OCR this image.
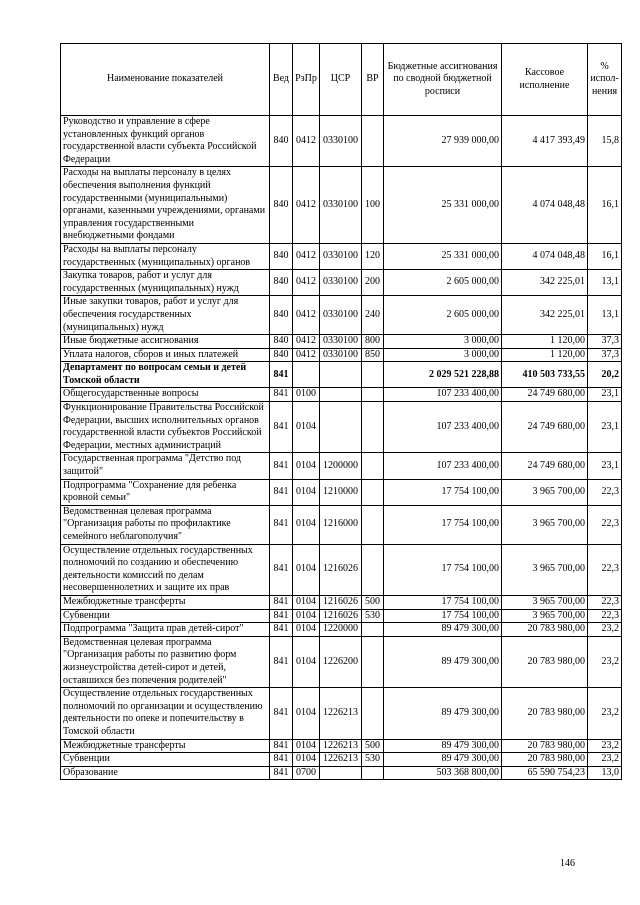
Наименование показателей	Вед	РзПр	ЦСР	ВР	Бюджетные ассигнования по сводной бюджетной росписи	Кассовое исполнение	% испол-нения
Руководство и управление в сфере установленных функций органов государственной власти субъекта Российской Федерации	840	0412	0330100		27 939 000,00	4 417 393,49	15,8
Расходы на выплаты персоналу в целях обеспечения выполнения функций государственными (муниципальными) органами, казенными учреждениями, органами управления государственными внебюджетными фондами	840	0412	0330100	100	25 331 000,00	4 074 048,48	16,1
Расходы на выплаты персоналу государственных (муниципальных) органов	840	0412	0330100	120	25 331 000,00	4 074 048,48	16,1
Закупка товаров, работ и услуг для государственных (муниципальных) нужд	840	0412	0330100	200	2 605 000,00	342 225,01	13,1
Иные закупки товаров, работ и услуг для обеспечения государственных (муниципальных) нужд	840	0412	0330100	240	2 605 000,00	342 225,01	13,1
Иные бюджетные ассигнования	840	0412	0330100	800	3 000,00	1 120,00	37,3
Уплата налогов, сборов и иных платежей	840	0412	0330100	850	3 000,00	1 120,00	37,3
Департамент по вопросам семьи и детей Томской области	841				2 029 521 228,88	410 503 733,55	20,2
Общегосударственные вопросы	841	0100			107 233 400,00	24 749 680,00	23,1
Функционирование Правительства Российской Федерации, высших исполнительных органов государственной власти субъектов Российской Федерации, местных администраций	841	0104			107 233 400,00	24 749 680,00	23,1
Государственная программа "Детство под защитой"	841	0104	1200000		107 233 400,00	24 749 680,00	23,1
Подпрограмма "Сохранение для ребенка кровной семьи"	841	0104	1210000		17 754 100,00	3 965 700,00	22,3
Ведомственная целевая программа "Организация работы по профилактике семейного неблагополучия"	841	0104	1216000		17 754 100,00	3 965 700,00	22,3
Осуществление отдельных государственных полномочий по созданию и обеспечению деятельности комиссий по делам несовершеннолетних и защите их прав	841	0104	1216026		17 754 100,00	3 965 700,00	22,3
Межбюджетные трансферты	841	0104	1216026	500	17 754 100,00	3 965 700,00	22,3
Субвенции	841	0104	1216026	530	17 754 100,00	3 965 700,00	22,3
Подпрограмма "Защита прав детей-сирот"	841	0104	1220000		89 479 300,00	20 783 980,00	23,2
Ведомственная целевая программа "Организация работы по развитию форм жизнеустройства детей-сирот и детей, оставшихся без попечения родителей"	841	0104	1226200		89 479 300,00	20 783 980,00	23,2
Осуществление отдельных государственных полномочий по организации и осуществлению деятельности по опеке и попечительству в Томской области	841	0104	1226213		89 479 300,00	20 783 980,00	23,2
Межбюджетные трансферты	841	0104	1226213	500	89 479 300,00	20 783 980,00	23,2
Субвенции	841	0104	1226213	530	89 479 300,00	20 783 980,00	23,2
Образование	841	0700			503 368 800,00	65 590 754,23	13,0
146
